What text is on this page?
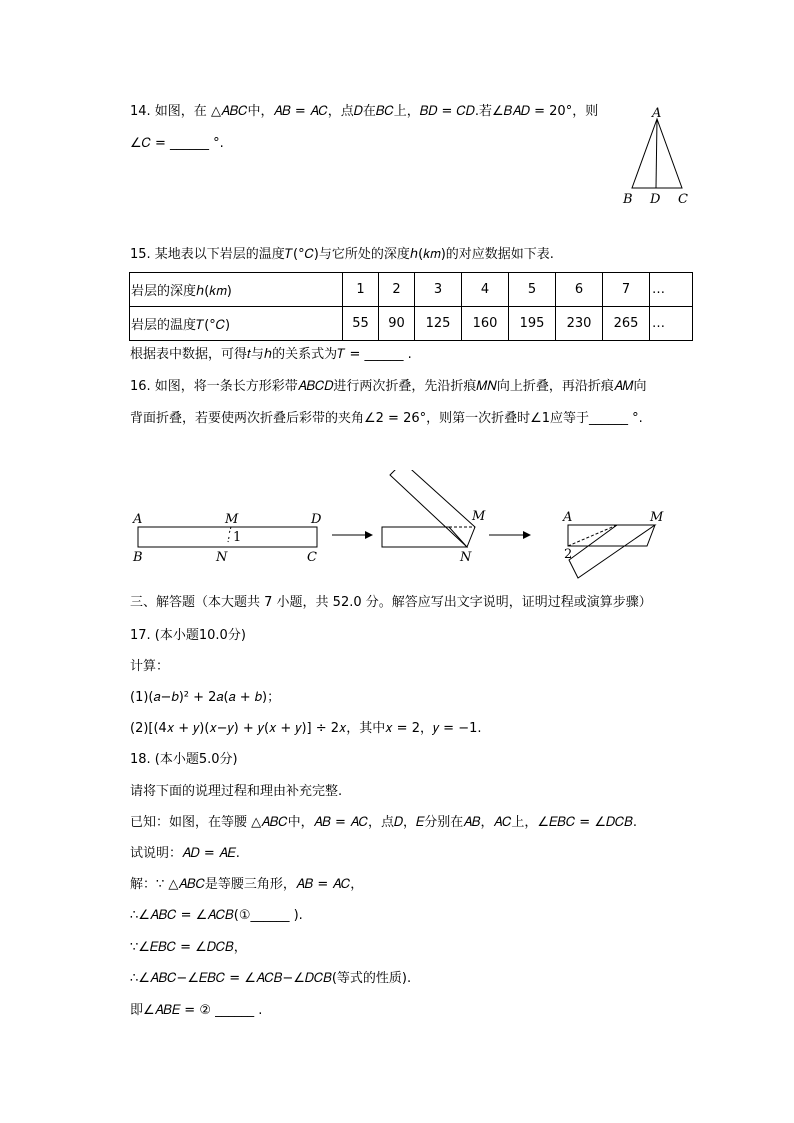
14. 如图，在 △𝐴𝐵𝐶中，𝐴𝐵 = 𝐴𝐶，点𝐷在𝐵𝐶上，𝐵𝐷 = 𝐶𝐷.若∠𝐵𝐴𝐷 = 20°，则
∠𝐶 = ______ °.
A
B D C
15. 某地表以下岩层的温度𝑇(°𝐶)与它所处的深度ℎ(𝑘𝑚)的对应数据如下表.
岩层的深度ℎ(𝑘𝑚)	1	2	3	4	5	6	7	…
岩层的温度𝑇(°𝐶)	55	90	125	160	195	230	265	…
根据表中数据，可得𝑡与ℎ的关系式为𝑇 = ______ .
16. 如图，将一条长方形彩带𝐴𝐵𝐶𝐷进行两次折叠，先沿折痕𝑀𝑁向上折叠，再沿折痕𝐴𝑀向
背面折叠，若要使两次折叠后彩带的夹角∠2 = 26°，则第一次折叠时∠1应等于______ °.
A	M	D
B	N	C
1
M
N
A	M
2
三、解答题（本大题共 7 小题，共 52.0 分。解答应写出文字说明，证明过程或演算步骤）
17. (本小题10.0分)
计算：
(1)(𝑎−𝑏)² + 2𝑎(𝑎 + 𝑏)；
(2)[(4𝑥 + 𝑦)(𝑥−𝑦) + 𝑦(𝑥 + 𝑦)] ÷ 2𝑥，其中𝑥 = 2，𝑦 = −1.
18. (本小题5.0分)
请将下面的说理过程和理由补充完整.
已知：如图，在等腰 △𝐴𝐵𝐶中，𝐴𝐵 = 𝐴𝐶，点𝐷，𝐸分别在𝐴𝐵，𝐴𝐶上，∠𝐸𝐵𝐶 = ∠𝐷𝐶𝐵.
试说明：𝐴𝐷 = 𝐴𝐸.
解：∵ △𝐴𝐵𝐶是等腰三角形，𝐴𝐵 = 𝐴𝐶，
∴∠𝐴𝐵𝐶 = ∠𝐴𝐶𝐵(①______ ).
∵∠𝐸𝐵𝐶 = ∠𝐷𝐶𝐵，
∴∠𝐴𝐵𝐶−∠𝐸𝐵𝐶 = ∠𝐴𝐶𝐵−∠𝐷𝐶𝐵(等式的性质).
即∠𝐴𝐵𝐸 = ② ______ .
